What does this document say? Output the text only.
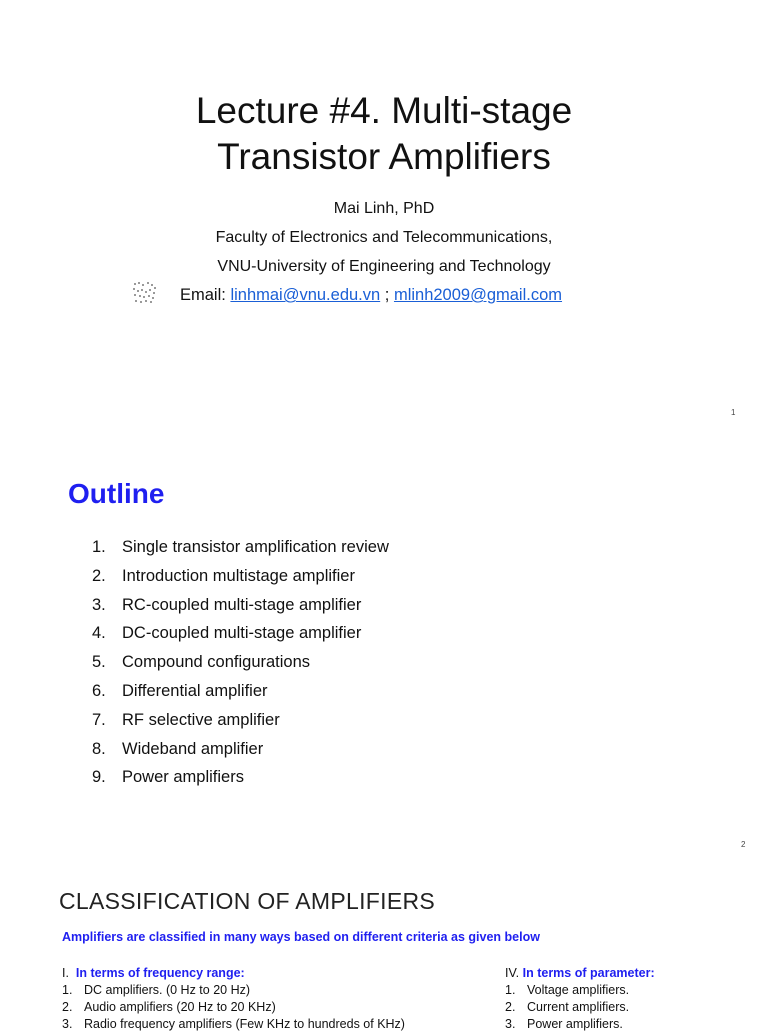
Lecture #4. Multi-stage
Transistor Amplifiers
Mai Linh, PhD
Faculty of Electronics and Telecommunications,
VNU-University of Engineering and Technology
Email: linhmai@vnu.edu.vn ; mlinh2009@gmail.com
1
Outline
1. Single transistor amplification review
2. Introduction multistage amplifier
3. RC-coupled multi-stage amplifier
4. DC-coupled multi-stage amplifier
5. Compound configurations
6. Differential amplifier
7. RF selective amplifier
8. Wideband amplifier
9. Power amplifiers
2
CLASSIFICATION OF AMPLIFIERS
Amplifiers are classified in many ways based on different criteria as given below
I. In terms of frequency range:
1. DC amplifiers. (0 Hz to 20 Hz)
2. Audio amplifiers (20 Hz to 20 KHz)
3. Radio frequency amplifiers (Few KHz to hundreds of KHz)
IV. In terms of parameter:
1. Voltage amplifiers.
2. Current amplifiers.
3. Power amplifiers.
